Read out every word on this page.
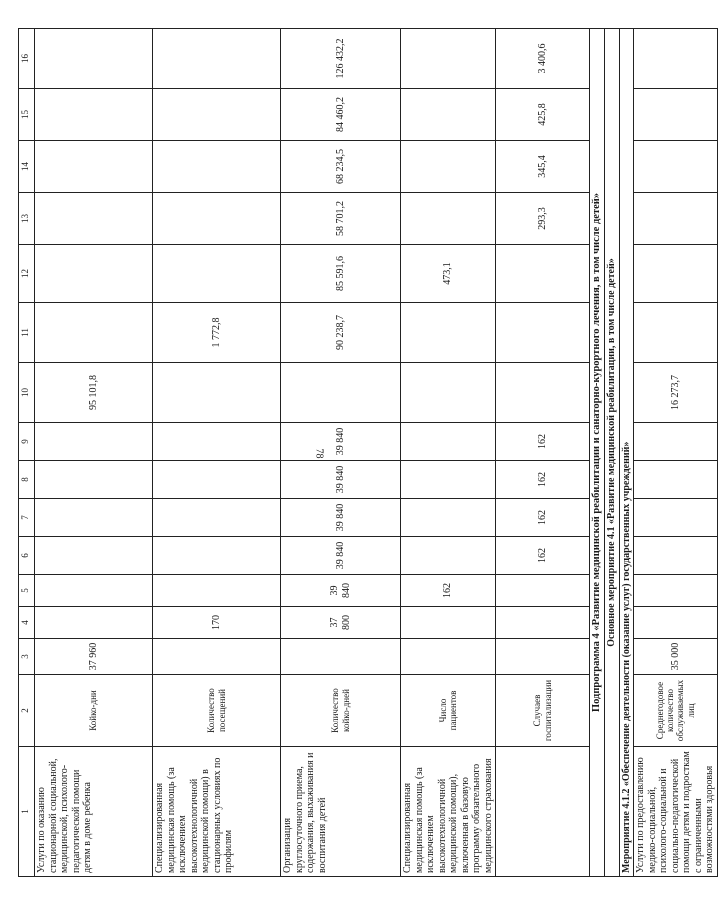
78
1	2	3	4	5	6	7	8	9	10	11	12	13	14	15	16
Услуги по оказанию стационарной социальной, медицинской, психолого-педагогической помощи детям в доме ребенка	Койко-дни	37 960							95 101,8						
Специализированная медицинская помощь (за исключением высокотехнологичной медицинской помощи) в стационарных условиях по профилям	Количество посещений		170							1 772,8					
Организация круглосуточного приема, содержания, выхаживания и воспитания детей	Количество койко-дней		37 800	39 840	39 840	39 840	39 840	39 840		90 238,7	85 591,6	58 701,2	68 234,5	84 460,2	126 432,2
Специализированная медицинская помощь (за исключением высокотехнологичной медицинской помощи), включенная в базовую программу обязательного медицинского страхования	Число пациентов			162							473,1				
	Случаев госпитализации				162	162	162	162				293,3	345,4	425,8	3 400,6
Подпрограмма 4 «Развитие медицинской реабилитации и санаторно-курортного лечения, в том числе детей»															
Основное мероприятие 4.1 «Развитие медицинской реабилитации, в том числе детей»															
Мероприятие 4.1.2 «Обеспечение деятельности (оказание услуг) государственных учреждений»															
Услуги по предоставлению медико-социальной, психолого-социальной и социально-педагогической помощи детям и подросткам с ограниченными возможностями здоровья	Среднегодовое количество обслуживаемых лиц	35 000							16 273,7						
